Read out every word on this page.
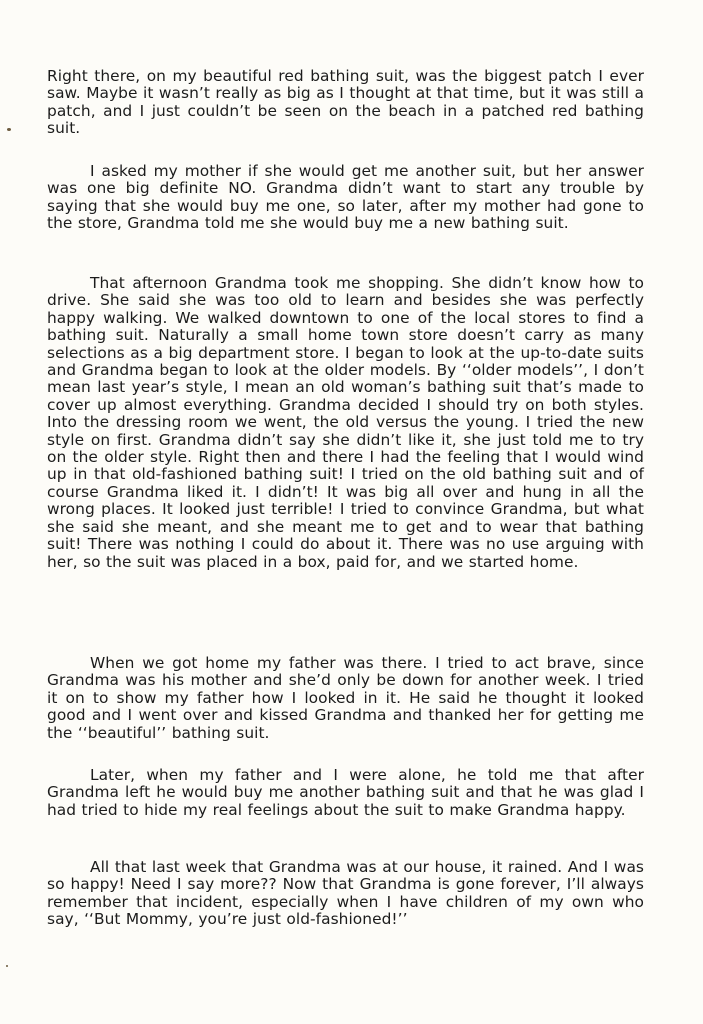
Right there, on my beautiful red bathing suit, was the biggest patch I ever saw. Maybe it wasn’t really as big as I thought at that time, but it was still a patch, and I just couldn’t be seen on the beach in a patched red bathing suit.

I asked my mother if she would get me another suit, but her answer was one big definite NO. Grandma didn’t want to start any trouble by saying that she would buy me one, so later, after my mother had gone to the store, Grandma told me she would buy me a new bathing suit.

That afternoon Grandma took me shopping. She didn’t know how to drive. She said she was too old to learn and besides she was perfectly happy walking. We walked downtown to one of the local stores to find a bathing suit. Naturally a small home town store doesn’t carry as many selections as a big department store. I began to look at the up-to-date suits and Grandma began to look at the older models. By ‘‘older models’’, I don’t mean last year’s style, I mean an old woman’s bathing suit that’s made to cover up almost everything. Grandma decided I should try on both styles. Into the dressing room we went, the old versus the young. I tried the new style on first. Grandma didn’t say she didn’t like it, she just told me to try on the older style. Right then and there I had the feeling that I would wind up in that old-fashioned bathing suit! I tried on the old bathing suit and of course Grandma liked it. I didn’t! It was big all over and hung in all the wrong places. It looked just terrible! I tried to convince Grandma, but what she said she meant, and she meant me to get and to wear that bathing suit! There was nothing I could do about it. There was no use arguing with her, so the suit was placed in a box, paid for, and we started home.

When we got home my father was there. I tried to act brave, since Grandma was his mother and she’d only be down for another week. I tried it on to show my father how I looked in it. He said he thought it looked good and I went over and kissed Grandma and thanked her for getting me the ‘‘beautiful’’ bathing suit.

Later, when my father and I were alone, he told me that after Grandma left he would buy me another bathing suit and that he was glad I had tried to hide my real feelings about the suit to make Grandma happy.

All that last week that Grandma was at our house, it rained. And I was so happy! Need I say more?? Now that Grandma is gone forever, I’ll always remember that incident, especially when I have children of my own who say, ‘‘But Mommy, you’re just old-fashioned!’’
